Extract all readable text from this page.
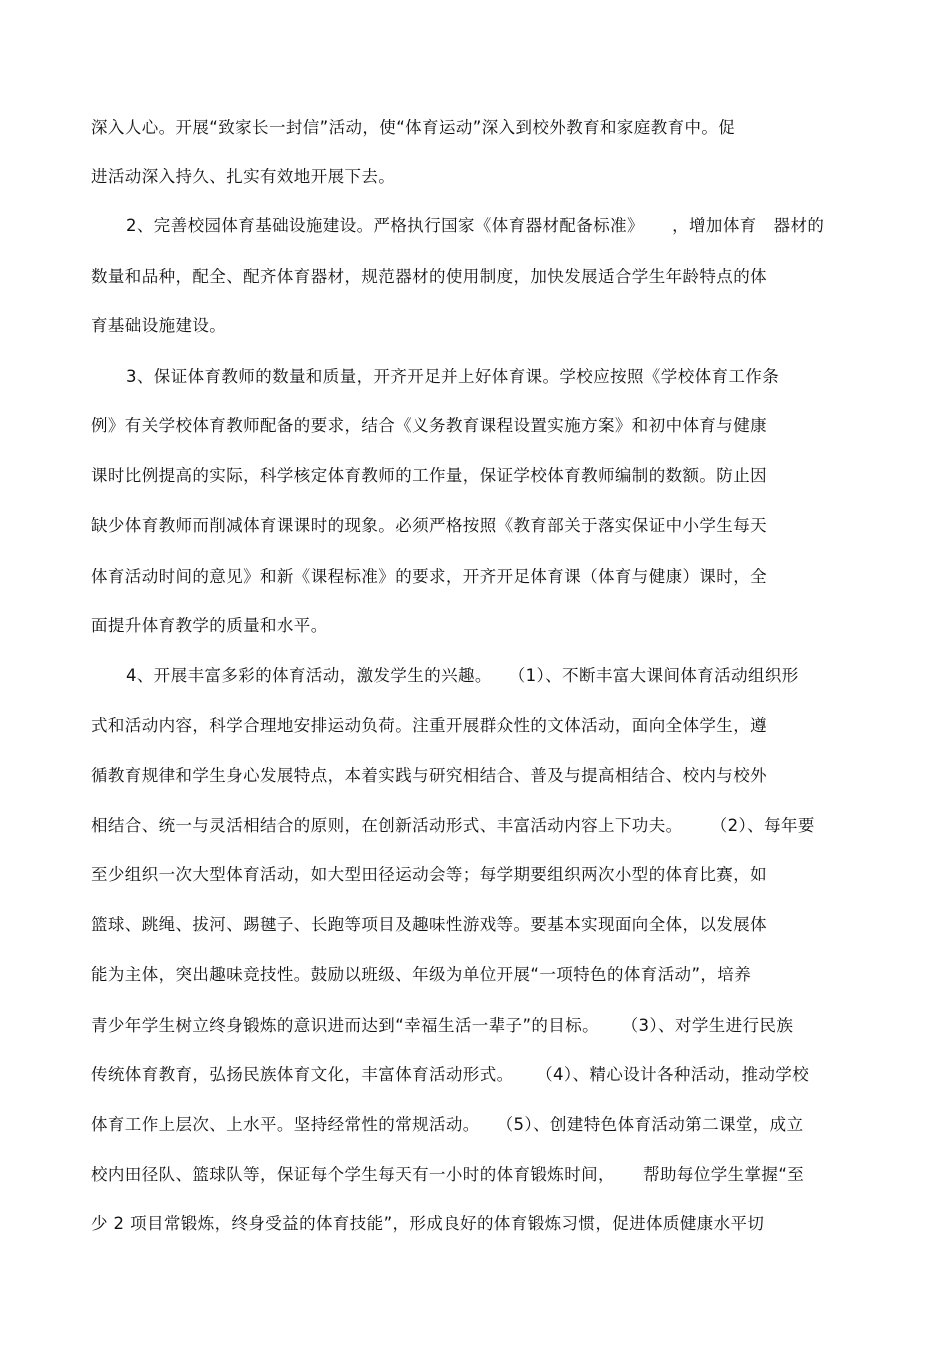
深入人心。开展“致家长一封信”活动，使“体育运动”深入到校外教育和家庭教育中。促
进活动深入持久、扎实有效地开展下去。
2、完善校园体育基础设施建设。严格执行国家《体育器材配备标准》     ，增加体育   器材的
数量和品种，配全、配齐体育器材，规范器材的使用制度，加快发展适合学生年龄特点的体
育基础设施建设。
3、保证体育教师的数量和质量，开齐开足并上好体育课。学校应按照《学校体育工作条
例》有关学校体育教师配备的要求，结合《义务教育课程设置实施方案》和初中体育与健康
课时比例提高的实际，科学核定体育教师的工作量，保证学校体育教师编制的数额。防止因
缺少体育教师而削减体育课课时的现象。必须严格按照《教育部关于落实保证中小学生每天
体育活动时间的意见》和新《课程标准》的要求，开齐开足体育课（体育与健康）课时，全
面提升体育教学的质量和水平。
4、开展丰富多彩的体育活动，激发学生的兴趣。   （1）、不断丰富大课间体育活动组织形
式和活动内容，科学合理地安排运动负荷。注重开展群众性的文体活动，面向全体学生，遵
循教育规律和学生身心发展特点，本着实践与研究相结合、普及与提高相结合、校内与校外
相结合、统一与灵活相结合的原则，在创新活动形式、丰富活动内容上下功夫。     （2）、每年要
至少组织一次大型体育活动，如大型田径运动会等；每学期要组织两次小型的体育比赛，如
篮球、跳绳、拔河、踢毽子、长跑等项目及趣味性游戏等。要基本实现面向全体，以发展体
能为主体，突出趣味竞技性。鼓励以班级、年级为单位开展“一项特色的体育活动”，培养
青少年学生树立终身锻炼的意识进而达到“幸福生活一辈子”的目标。    （3）、对学生进行民族
传统体育教育，弘扬民族体育文化，丰富体育活动形式。    （4）、精心设计各种活动，推动学校
体育工作上层次、上水平。坚持经常性的常规活动。   （5）、创建特色体育活动第二课堂，成立
校内田径队、篮球队等，保证每个学生每天有一小时的体育锻炼时间，     帮助每位学生掌握“至
少 2 项目常锻炼，终身受益的体育技能”，形成良好的体育锻炼习惯，促进体质健康水平切
